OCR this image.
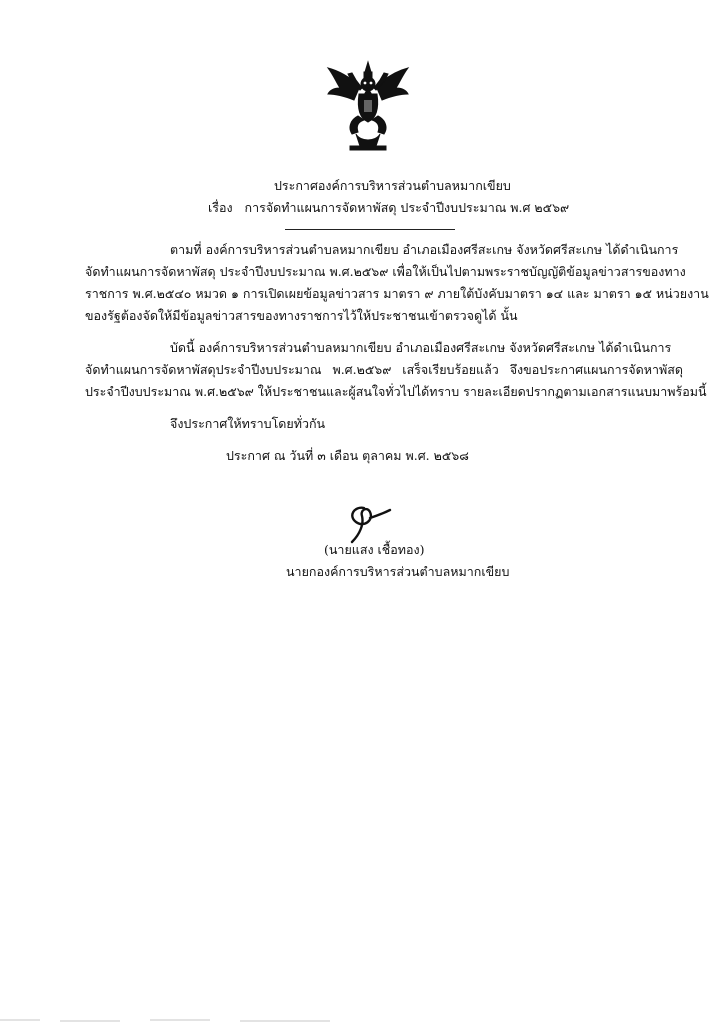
ประกาศองค์การบริหารส่วนตำบลหมากเขียบ
เรื่อง การจัดทำแผนการจัดหาพัสดุ ประจำปีงบประมาณ พ.ศ ๒๕๖๙
ตามที่ องค์การบริหารส่วนตำบลหมากเขียบ อำเภอเมืองศรีสะเกษ จังหวัดศรีสะเกษ ได้ดำเนินการ
จัดทำแผนการจัดหาพัสดุ ประจำปีงบประมาณ พ.ศ.๒๕๖๙ เพื่อให้เป็นไปตามพระราชบัญญัติข้อมูลข่าวสารของทาง
ราชการ พ.ศ.๒๕๔๐ หมวด ๑ การเปิดเผยข้อมูลข่าวสาร มาตรา ๙ ภายใต้บังคับมาตรา ๑๔ และ มาตรา ๑๕ หน่วยงาน
ของรัฐต้องจัดให้มีข้อมูลข่าวสารของทางราชการไว้ให้ประชาชนเข้าตรวจดูได้ นั้น
บัดนี้ องค์การบริหารส่วนตำบลหมากเขียบ อำเภอเมืองศรีสะเกษ จังหวัดศรีสะเกษ ได้ดำเนินการ
จัดทำแผนการจัดหาพัสดุประจำปีงบประมาณ พ.ศ.๒๕๖๙ เสร็จเรียบร้อยแล้ว จึงขอประกาศแผนการจัดหาพัสดุ
ประจำปีงบประมาณ พ.ศ.๒๕๖๙ ให้ประชาชนและผู้สนใจทั่วไปได้ทราบ รายละเอียดปรากฏตามเอกสารแนบมาพร้อมนี้
จึงประกาศให้ทราบโดยทั่วกัน
ประกาศ ณ วันที่ ๓ เดือน ตุลาคม พ.ศ. ๒๕๖๘
(นายแสง เชื้อทอง)
นายกองค์การบริหารส่วนตำบลหมากเขียบ
